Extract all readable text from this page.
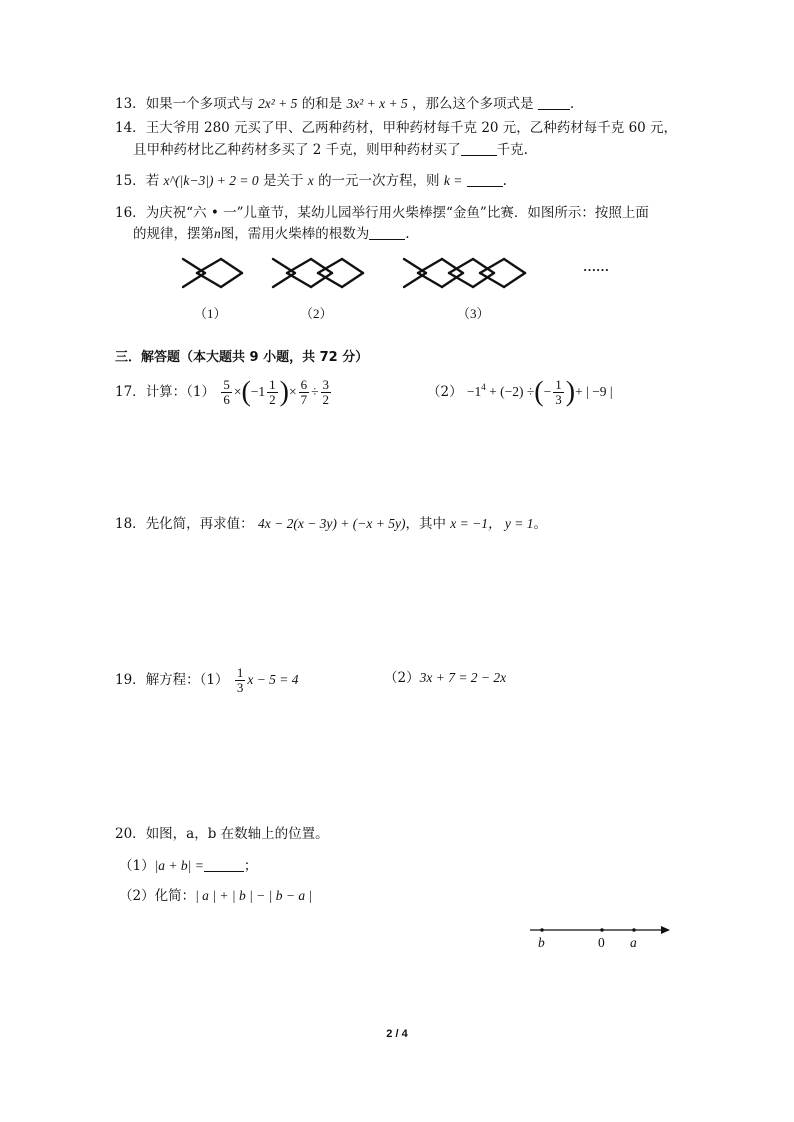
13．如果一个多项式与 2x² + 5 的和是 3x² + x + 5 ，那么这个多项式是	.
14．王大爷用 280 元买了甲、乙两种药材，甲种药材每千克 20 元，乙种药材每千克 60 元，
且甲种药材比乙种药材多买了 2 千克，则甲种药材买了	千克.
15．若 x^(|k−3|) + 2 = 0 是关于 x 的一元一次方程，则 k =	.
16．为庆祝“六 • 一”儿童节，某幼儿园举行用火柴棒摆“金鱼”比赛．如图所示：按照上面
的规律，摆第n图，需用火柴棒的根数为	.
（1）	（2）	（3）
……
三．解答题（本大题共 9 小题，共 72 分）
17．计算：$(1) \frac{5}{6} \times(-1 \frac{1}{2}$ )× $\frac{6}{7} \div \frac{3}{2}$	$(2) -1^4 + (-2)$ ÷(− $\frac{1}{3}$ )+ | −9 |
18．先化简，再求值： 4x − 2(x − 3y) + (−x + 5y)，其中 x = −1， y = 1。
19．解方程：$(1) \frac{1}{3}$ x − 5 = 4	（2）3x + 7 = 2 − 2x
20．如图，a，b 在数轴上的位置。
（1）|a + b| =	；
（2）化简：| a | + | b | − | b − a |
b	0 a
2 / 4
